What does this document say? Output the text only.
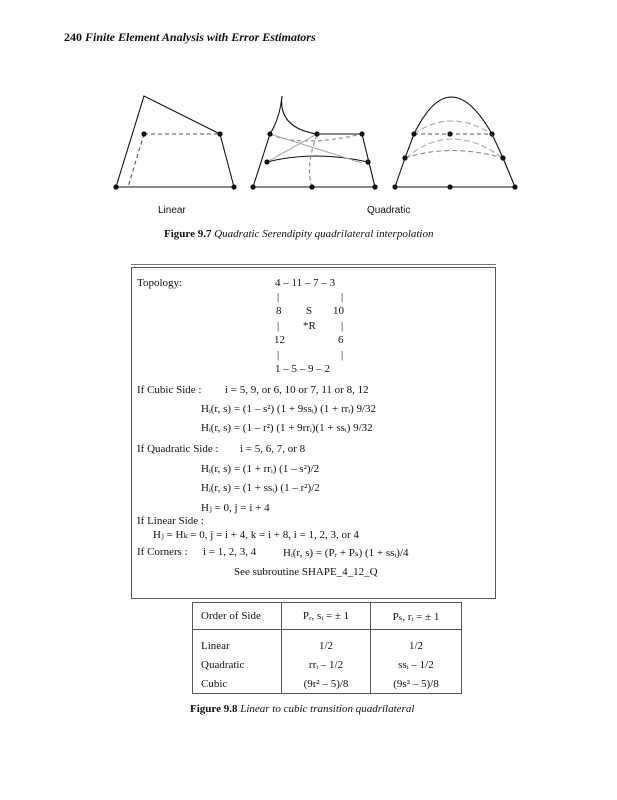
240 Finite Element Analysis with Error Estimators
Linear	Quadratic
Figure 9.7 Quadratic Serendipity quadrilateral interpolation
Topology:	4 – 11 – 7 – 3
|	|
8 S 10
| *R |
12	6
|	|
1 – 5 – 9 – 2
If Cubic Side : i = 5, 9, or 6, 10 or 7, 11 or 8, 12
Hᵢ(r, s) = (1 – s²) (1 + 9ssᵢ) (1 + rrᵢ) 9/32
Hᵢ(r, s) = (1 – r²) (1 + 9rrᵢ)(1 + ssᵢ) 9/32
If Quadratic Side : i = 5, 6, 7, or 8
Hᵢ(r, s) = (1 + rrᵢ) (1 – s²)/2
Hᵢ(r, s) = (1 + ssᵢ) (1 – r²)/2
Hⱼ = 0, j = i + 4
If Linear Side :
Hⱼ = Hₖ = 0, j = i + 4, k = i + 8, i = 1, 2, 3, or 4
If Corners : i = 1, 2, 3, 4 Hᵢ(r, s) = (Pᵣ + Pₛ) (1 + ssᵢ)/4
See subroutine SHAPE_4_12_Q
Order of Side	Pᵣ, sᵢ = ± 1	Pₛ, rᵢ = ± 1

Linear	1/2	1/2
Quadratic	rrᵢ – 1/2	ssᵢ – 1/2
Cubic	(9r² – 5)/8	(9s² – 5)/8
Figure 9.8 Linear to cubic transition quadrilateral
